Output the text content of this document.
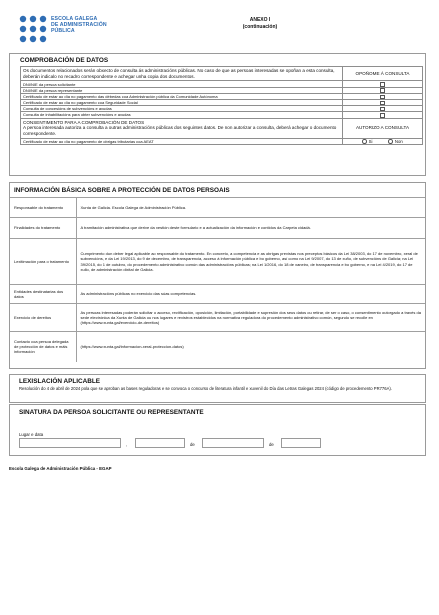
ESCOLA GALEGA
DE ADMINISTRACIÓN
PÚBLICA
ANEXO I
(continuación)
COMPROBACIÓN DE DATOS
Os documentos relacionados serán obxecto de consulta ás administracións públicas. No caso de que as persoas interesadas se opoñan a esta consulta, deberán indicalo no recadro correspondente e achegar unha copia dos documentos.	OPOÑOME Á CONSULTA
DNI/NIE da persoa solicitante	
DNI/NIE da persoa representante	
Certificado de estar ao día no pagamento das débedas coa Administración pública da Comunidade Autónoma	
Certificado de estar ao día no pagamento coa Seguridade Social	
Consulta de concesións de subvencións e axudas	
Consulta de inhabilitacións para obter subvencións e axudas	

CONSENTIMENTO PARA A COMPROBACIÓN DE DATOS
A persoa interesada autoriza a consulta a outras administracións públicas dos seguintes datos. De non autorizar a consulta, deberá achegar o documento correspondente.	AUTORIZO A CONSULTA
Certificado de estar ao día no pagamento de obrigas tributarias coa AEAT	Si Non
INFORMACIÓN BÁSICA SOBRE A PROTECCIÓN DE DATOS PERSOAIS
Responsable do tratamento	Xunta de Galicia. Escola Galega de Administración Pública.
Finalidades do tratamento	A tramitación administrativa que derive da xestión deste formulario e a actualización da información e contidos da Carpeta cidadá.
Lexitimación para o tratamento	Cumprimento dun deber legal aplicable ao responsable do tratamento. En concreto, a competencia e as obrigas previstas nos preceptos básicos da Lei 38/2003, do 17 de novembro, xeral de subvencións, e da Lei 19/2013, do 9 de decembro, de transparencia, acceso á información pública e bo goberno, así como na Lei 9/2007, do 13 de xuño, de subvencións de Galicia; na Lei 39/2015, do 1 de outubro, do procedemento administrativo común das administracións públicas; na Lei 1/2016, do 18 de xaneiro, de transparencia e bo goberno, e na Lei 4/2019, do 17 de xullo, de administración dixital de Galicia.
Entidades destinatarias dos datos	As administracións públicas no exercicio das súas competencias.
Exercicio de dereitos	As persoas interesadas poderán solicitar o acceso, rectificación, oposición, limitación, portabilidade e supresión dos seus datos ou retirar, de ser o caso, o consentimento outorgado a través da sede electrónica da Xunta de Galicia ou nos lugares e rexistros establecidos na normativa reguladora do procedemento administrativo común, segundo se recolle en (https://www.xunta.gal/exercicio-de-dereitos)
Contacto coa persoa delegada de protección de datos e máis información	(https://www.xunta.gal/informacion-xeral-proteccion-datos)
LEXISLACIÓN APLICABLE
Resolución do 4 de abril de 2024 pola que se aproban as bases reguladoras e se convoca o concurso de literatura infantil e xuvenil do Día das Letras Galegas 2024 (código de procedemento PR776A).
SINATURA DA PERSOA SOLICITANTE OU REPRESENTANTE
Lugar e data
,	de	de
Escola Galega de Administración Pública - EGAP
